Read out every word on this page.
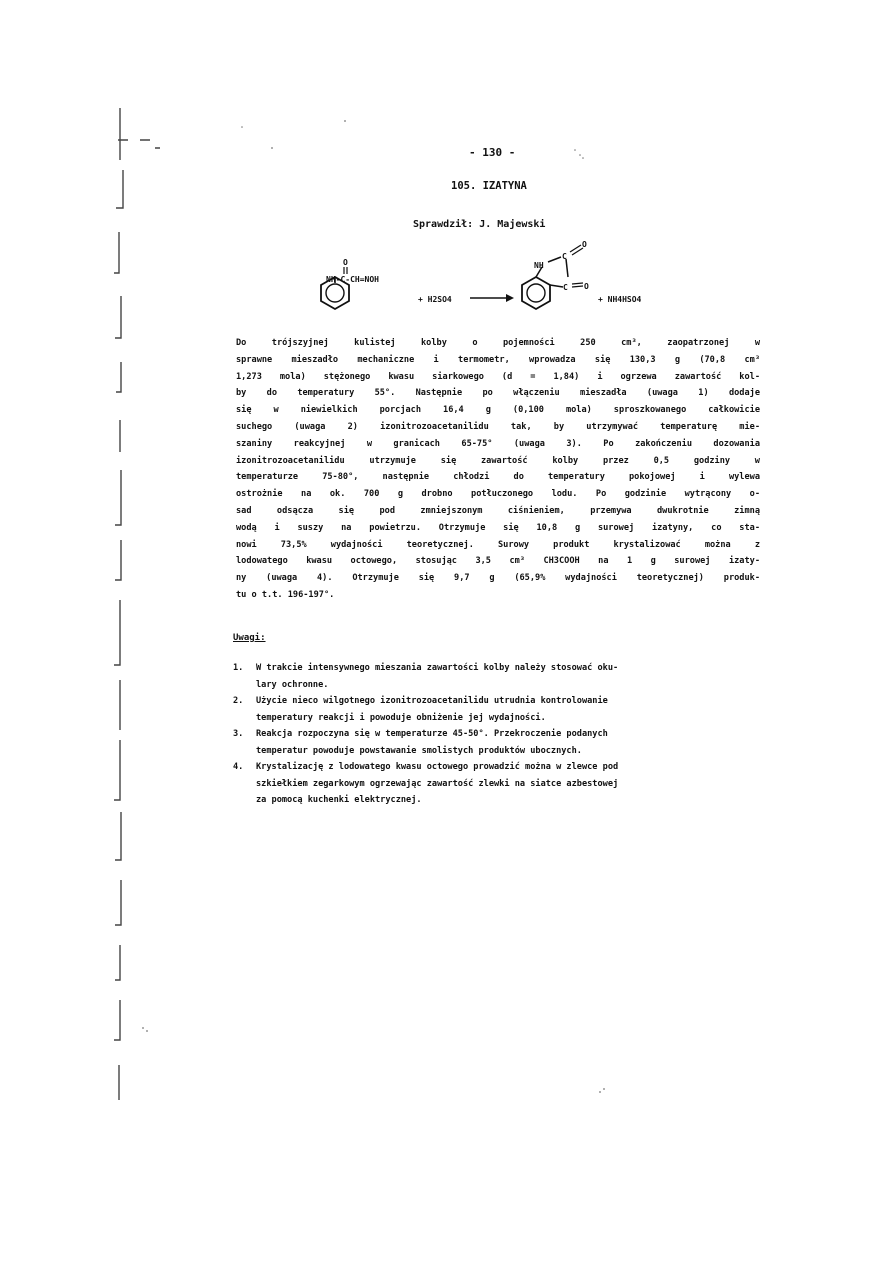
- 130 -
105. IZATYNA
Sprawdził: J. Majewski
O
NH-C-CH=NOH
+ H2SO4
NH
C
C
O
O
+ NH4HSO4
Do trójszyjnej kulistej kolby o pojemności 250 cm³, zaopatrzonej w
sprawne mieszadło mechaniczne i termometr, wprowadza się 130,3 g (70,8 cm³
1,273 mola) stężonego kwasu siarkowego (d = 1,84) i ogrzewa zawartość kol-
by do temperatury 55°. Następnie po włączeniu mieszadła (uwaga 1) dodaje
się w niewielkich porcjach 16,4 g (0,100 mola) sproszkowanego całkowicie
suchego (uwaga 2) izonitrozoacetanilidu tak, by utrzymywać temperaturę mie-
szaniny reakcyjnej w granicach 65-75° (uwaga 3). Po zakończeniu dozowania
izonitrozoacetanilidu utrzymuje się zawartość kolby przez 0,5 godziny w
temperaturze 75-80°, następnie chłodzi do temperatury pokojowej i wylewa
ostrożnie na ok. 700 g drobno potłuczonego lodu. Po godzinie wytrącony o-
sad odsącza się pod zmniejszonym ciśnieniem, przemywa dwukrotnie zimną
wodą i suszy na powietrzu. Otrzymuje się 10,8 g surowej izatyny, co sta-
nowi 73,5% wydajności teoretycznej. Surowy produkt krystalizować można z
lodowatego kwasu octowego, stosując 3,5 cm³ CH3COOH na 1 g surowej izaty-
ny (uwaga 4). Otrzymuje się 9,7 g (65,9% wydajności teoretycznej) produk-
tu o t.t. 196-197°.
Uwagi:
1. W trakcie intensywnego mieszania zawartości kolby należy stosować oku-
lary ochronne.
2. Użycie nieco wilgotnego izonitrozoacetanilidu utrudnia kontrolowanie
temperatury reakcji i powoduje obniżenie jej wydajności.
3. Reakcja rozpoczyna się w temperaturze 45-50°. Przekroczenie podanych
temperatur powoduje powstawanie smolistych produktów ubocznych.
4. Krystalizację z lodowatego kwasu octowego prowadzić można w zlewce pod
szkiełkiem zegarkowym ogrzewając zawartość zlewki na siatce azbestowej
za pomocą kuchenki elektrycznej.
